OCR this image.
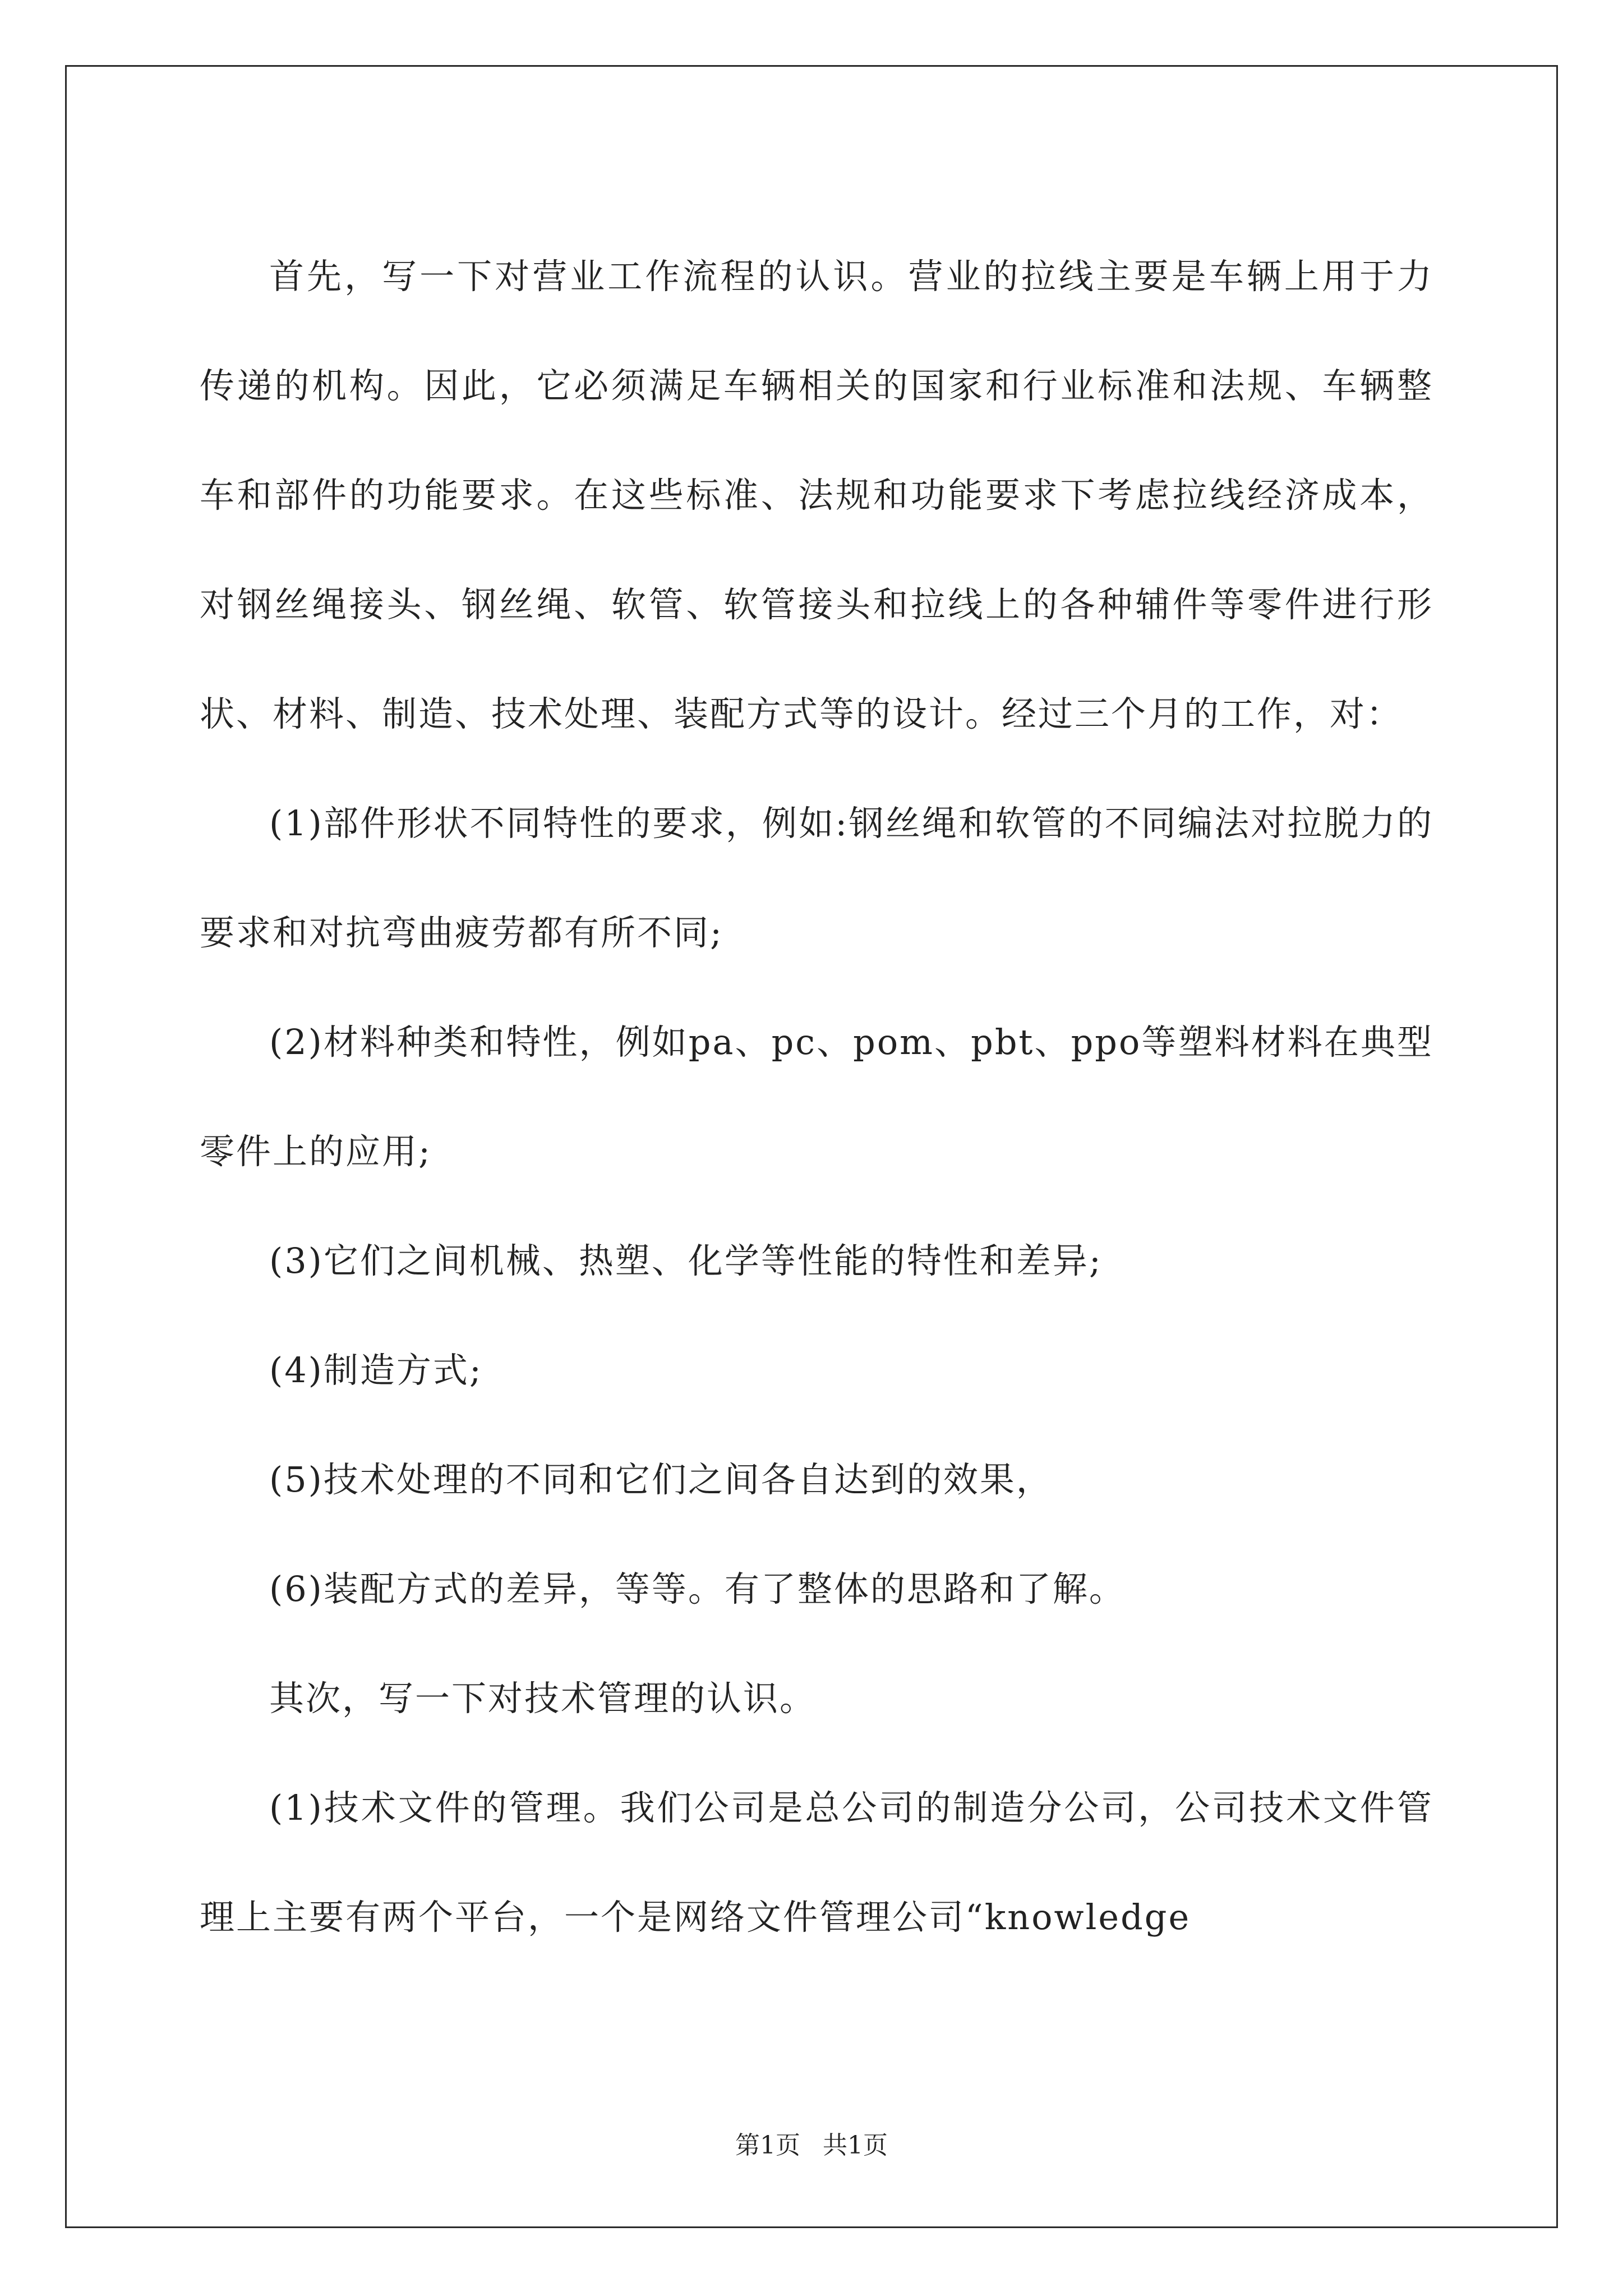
首先，写一下对营业工作流程的认识。营业的拉线主要是车辆上用于力传递的机构。因此，它必须满足车辆相关的国家和行业标准和法规、车辆整车和部件的功能要求。在这些标准、法规和功能要求下考虑拉线经济成本，对钢丝绳接头、钢丝绳、软管、软管接头和拉线上的各种辅件等零件进行形状、材料、制造、技术处理、装配方式等的设计。经过三个月的工作，对：

(1)部件形状不同特性的要求，例如:钢丝绳和软管的不同编法对拉脱力的要求和对抗弯曲疲劳都有所不同;

(2)材料种类和特性，例如pa、pc、pom、pbt、ppo等塑料材料在典型零件上的应用;

(3)它们之间机械、热塑、化学等性能的特性和差异;

(4)制造方式;

(5)技术处理的不同和它们之间各自达到的效果，

(6)装配方式的差异，等等。有了整体的思路和了解。

其次，写一下对技术管理的认识。

(1)技术文件的管理。我们公司是总公司的制造分公司，公司技术文件管理上主要有两个平台，一个是网络文件管理公司“knowledge

第1页 共1页
